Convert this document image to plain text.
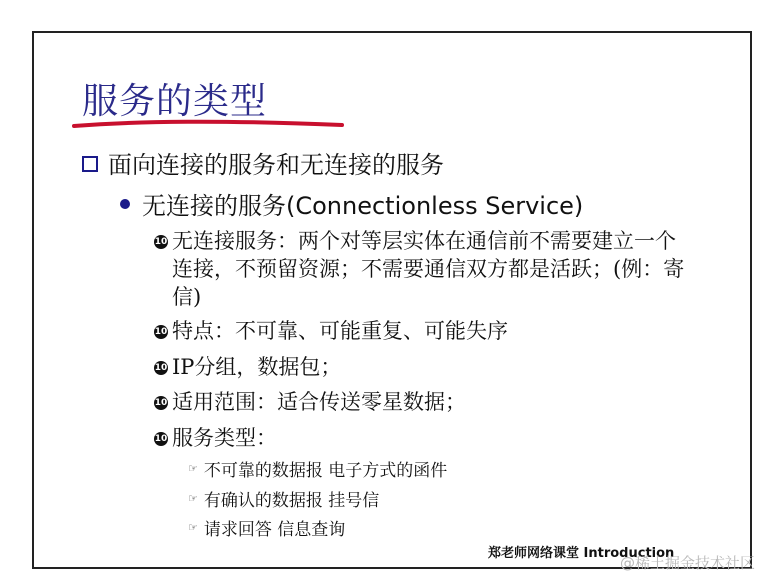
服务的类型
面向连接的服务和无连接的服务
无连接的服务(Connectionless Service)
10 无连接服务：两个对等层实体在通信前不需要建立一个连接，不预留资源；不需要通信双方都是活跃；(例：寄信)
10 特点：不可靠、可能重复、可能失序
10 IP分组，数据包；
10 适用范围：适合传送零星数据；
10 服务类型：
☞ 不可靠的数据报 电子方式的函件
☞ 有确认的数据报 挂号信
☞ 请求回答 信息查询
郑老师网络课堂 Introduction
@稀土掘金技术社区
